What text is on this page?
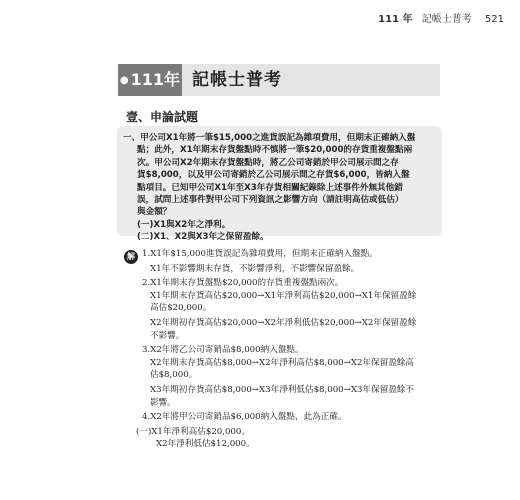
111 年 記帳士普考 521
● 111年 記帳士普考
壹、申論試題
一、甲公司X1年將一筆$15,000之進貨誤記為雜項費用，但期末正確納入盤
點；此外，X1年期末存貨盤點時不慎將一筆$20,000的存貨重複盤點兩
次。甲公司X2年期末存貨盤點時，將乙公司寄銷於甲公司展示間之存
貨$8,000，以及甲公司寄銷於乙公司展示間之存貨$6,000，皆納入盤
點項目。已知甲公司X1年至X3年存貨相關紀錄除上述事件外無其他錯
誤，試問上述事件對甲公司下列資訊之影響方向（請註明高估或低估）
與金額？
(一)X1與X2年之淨利。
(二)X1、X2與X3年之保留盈餘。
解 1.X1年$15,000進貨誤記為雜項費用，但期末正確納入盤點。
X1年不影響期末存貨，不影響淨利，不影響保留盈餘。
2.X1年期末存貨盤點$20,000的存貨重複盤點兩次。
X1年期末存貨高估$20,000→X1年淨利高估$20,000→X1年保留盈餘
高估$20,000。
X2年期初存貨高估$20,000→X2年淨利低估$20,000→X2年保留盈餘
不影響。
3.X2年將乙公司寄銷品$8,000納入盤點。
X2年期末存貨高估$8,000→X2年淨利高估$8,000→X2年保留盈餘高
估$8,000。
X3年期初存貨高估$8,000→X3年淨利低估$8,000→X3年保留盈餘不
影響。
4.X2年將甲公司寄銷品$6,000納入盤點，此為正確。
(一)X1年淨利高估$20,000。
X2年淨利低估$12,000。
